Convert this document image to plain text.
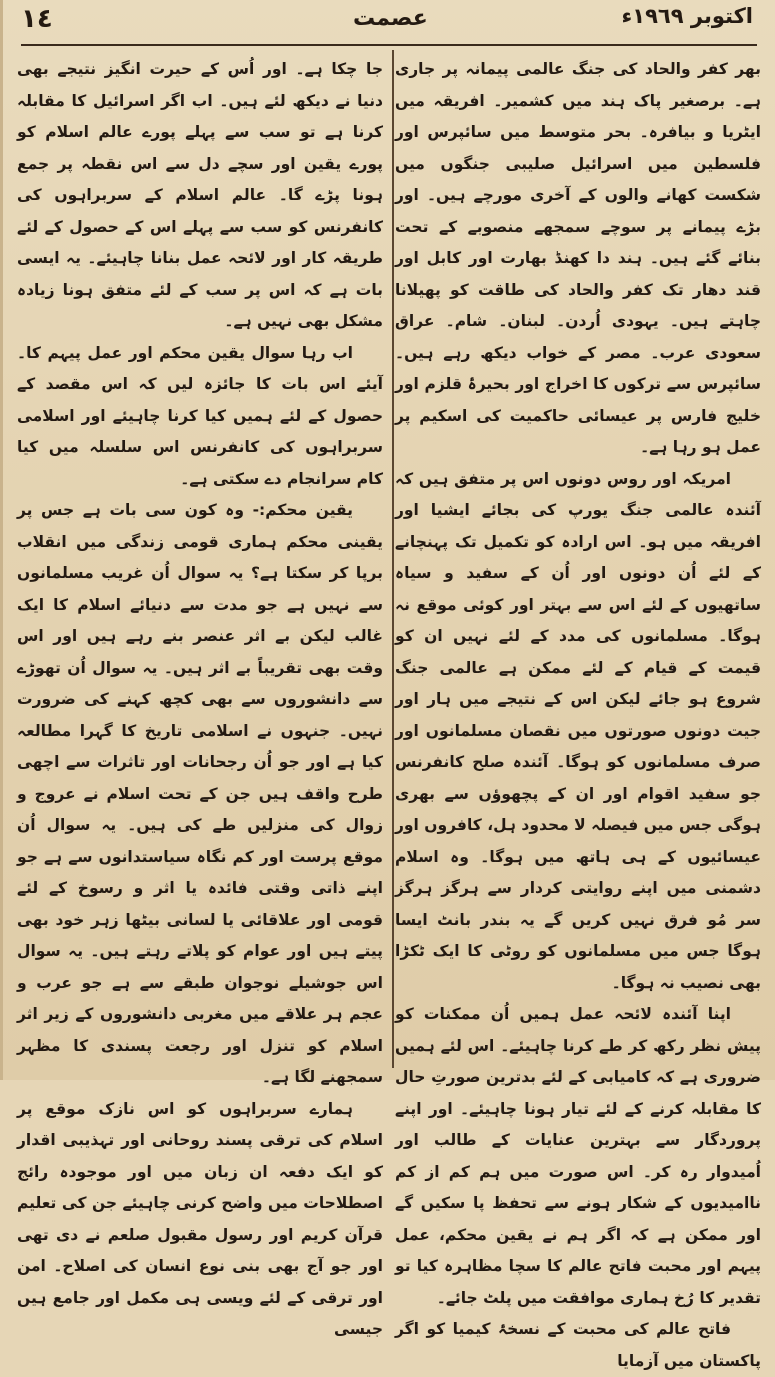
١٤	عصمت	اکتوبر ١٩٦٩ء

بھر کفر والحاد کی جنگ عالمی پیمانہ پر جاری ہے۔ برصغیر پاک ہند میں کشمیر۔ افریقہ میں ایٹریا و بیافرہ۔ بحر متوسط میں سائپرس اور فلسطین میں اسرائیل صلیبی جنگوں میں شکست کھانے والوں کے آخری مورچے ہیں۔ اور بڑے پیمانے پر سوچے سمجھے منصوبے کے تحت بنائے گئے ہیں۔ ہند دا کھنڈ بھارت اور کابل اور قند دھار تک کفر والحاد کی طاقت کو پھیلانا چاہتے ہیں۔ یہودی اُردن۔ لبنان۔ شام۔ عراق سعودی عرب۔ مصر کے خواب دیکھ رہے ہیں۔ سائپرس سے ترکوں کا اخراج اور بحیرۂ قلزم اور خلیج فارس پر عیسائی حاکمیت کی اسکیم پر عمل ہو رہا ہے۔

امریکہ اور روس دونوں اس پر متفق ہیں کہ آئندہ عالمی جنگ یورپ کی بجائے ایشیا اور افریقہ میں ہو۔ اس ارادہ کو تکمیل تک پہنچانے کے لئے اُن دونوں اور اُن کے سفید و سیاہ ساتھیوں کے لئے اس سے بہتر اور کوئی موقع نہ ہوگا۔ مسلمانوں کی مدد کے لئے نہیں ان کو قیمت کے قیام کے لئے ممکن ہے عالمی جنگ شروع ہو جائے لیکن اس کے نتیجے میں ہار اور جیت دونوں صورتوں میں نقصان مسلمانوں اور صرف مسلمانوں کو ہوگا۔ آئندہ صلح کانفرنس جو سفید اقوام اور ان کے پچھوؤں سے بھری ہوگی جس میں فیصلہ لا محدود ہل، کافروں اور عیسائیوں کے ہی ہاتھ میں ہوگا۔ وہ اسلام دشمنی میں اپنے روایتی کردار سے ہرگز ہرگز سر مُو فرق نہیں کریں گے یہ بندر بانٹ ایسا ہوگا جس میں مسلمانوں کو روٹی کا ایک ٹکڑا بھی نصیب نہ ہوگا۔

اپنا آئندہ لائحہ عمل ہمیں اُن ممکنات کو پیش نظر رکھ کر طے کرنا چاہیئے۔ اس لئے ہمیں ضروری ہے کہ کامیابی کے لئے بدترین صورتِ حال کا مقابلہ کرنے کے لئے تیار ہونا چاہیئے۔ اور اپنے پروردگار سے بہترین عنایات کے طالب اور اُمیدوار رہ کر۔ اس صورت میں ہم کم از کم ناامیدیوں کے شکار ہونے سے تحفظ پا سکیں گے اور ممکن ہے کہ اگر ہم نے یقین محکم، عمل پیہم اور محبت فاتح عالم کا سچا مظاہرہ کیا تو تقدیر کا رُخ ہماری موافقت میں پلٹ جائے۔

فاتح عالم کی محبت کے نسخۂ کیمیا کو اگر پاکستان میں آزمایا

جا چکا ہے۔ اور اُس کے حیرت انگیز نتیجے بھی دنیا نے دیکھ لئے ہیں۔ اب اگر اسرائیل کا مقابلہ کرنا ہے تو سب سے پہلے پورے عالم اسلام کو پورے یقین اور سچے دل سے اس نقطہ پر جمع ہونا پڑے گا۔ عالم اسلام کے سربراہوں کی کانفرنس کو سب سے پہلے اس کے حصول کے لئے طریقہ کار اور لائحہ عمل بنانا چاہیئے۔ یہ ایسی بات ہے کہ اس پر سب کے لئے متفق ہونا زیادہ مشکل بھی نہیں ہے۔

اب رہا سوال یقین محکم اور عمل پیہم کا۔ آیئے اس بات کا جائزہ لیں کہ اس مقصد کے حصول کے لئے ہمیں کیا کرنا چاہیئے اور اسلامی سربراہوں کی کانفرنس اس سلسلہ میں کیا کام سرانجام دے سکتی ہے۔

یقین محکم:- وہ کون سی بات ہے جس پر یقینی محکم ہماری قومی زندگی میں انقلاب برپا کر سکتا ہے؟ یہ سوال اُن غریب مسلمانوں سے نہیں ہے جو مدت سے دنیائے اسلام کا ایک غالب لیکن بے اثر عنصر بنے رہے ہیں اور اس وقت بھی تقریباً بے اثر ہیں۔ یہ سوال اُن تھوڑے سے دانشوروں سے بھی کچھ کہنے کی ضرورت نہیں۔ جنہوں نے اسلامی تاریخ کا گہرا مطالعہ کیا ہے اور جو اُن رجحانات اور تاثرات سے اچھی طرح واقف ہیں جن کے تحت اسلام نے عروج و زوال کی منزلیں طے کی ہیں۔ یہ سوال اُن موقع پرست اور کم نگاہ سیاستدانوں سے ہے جو اپنے ذاتی وقتی فائدہ یا اثر و رسوخ کے لئے قومی اور علاقائی یا لسانی بیٹھا زہر خود بھی پیتے ہیں اور عوام کو پلاتے رہتے ہیں۔ یہ سوال اس جوشیلے نوجوان طبقے سے ہے جو عرب و عجم ہر علاقے میں مغربی دانشوروں کے زیر اثر اسلام کو تنزل اور رجعت پسندی کا مظہر سمجھنے لگا ہے۔

ہمارے سربراہوں کو اس نازک موقع پر اسلام کی ترقی پسند روحانی اور تہذیبی اقدار کو ایک دفعہ ان زبان میں اور موجودہ رائج اصطلاحات میں واضح کرنی چاہیئے جن کی تعلیم قرآن کریم اور رسول مقبول صلعم نے دی تھی اور جو آج بھی بنی نوع انسان کی اصلاح۔ امن اور ترقی کے لئے ویسی ہی مکمل اور جامع ہیں جیسی
